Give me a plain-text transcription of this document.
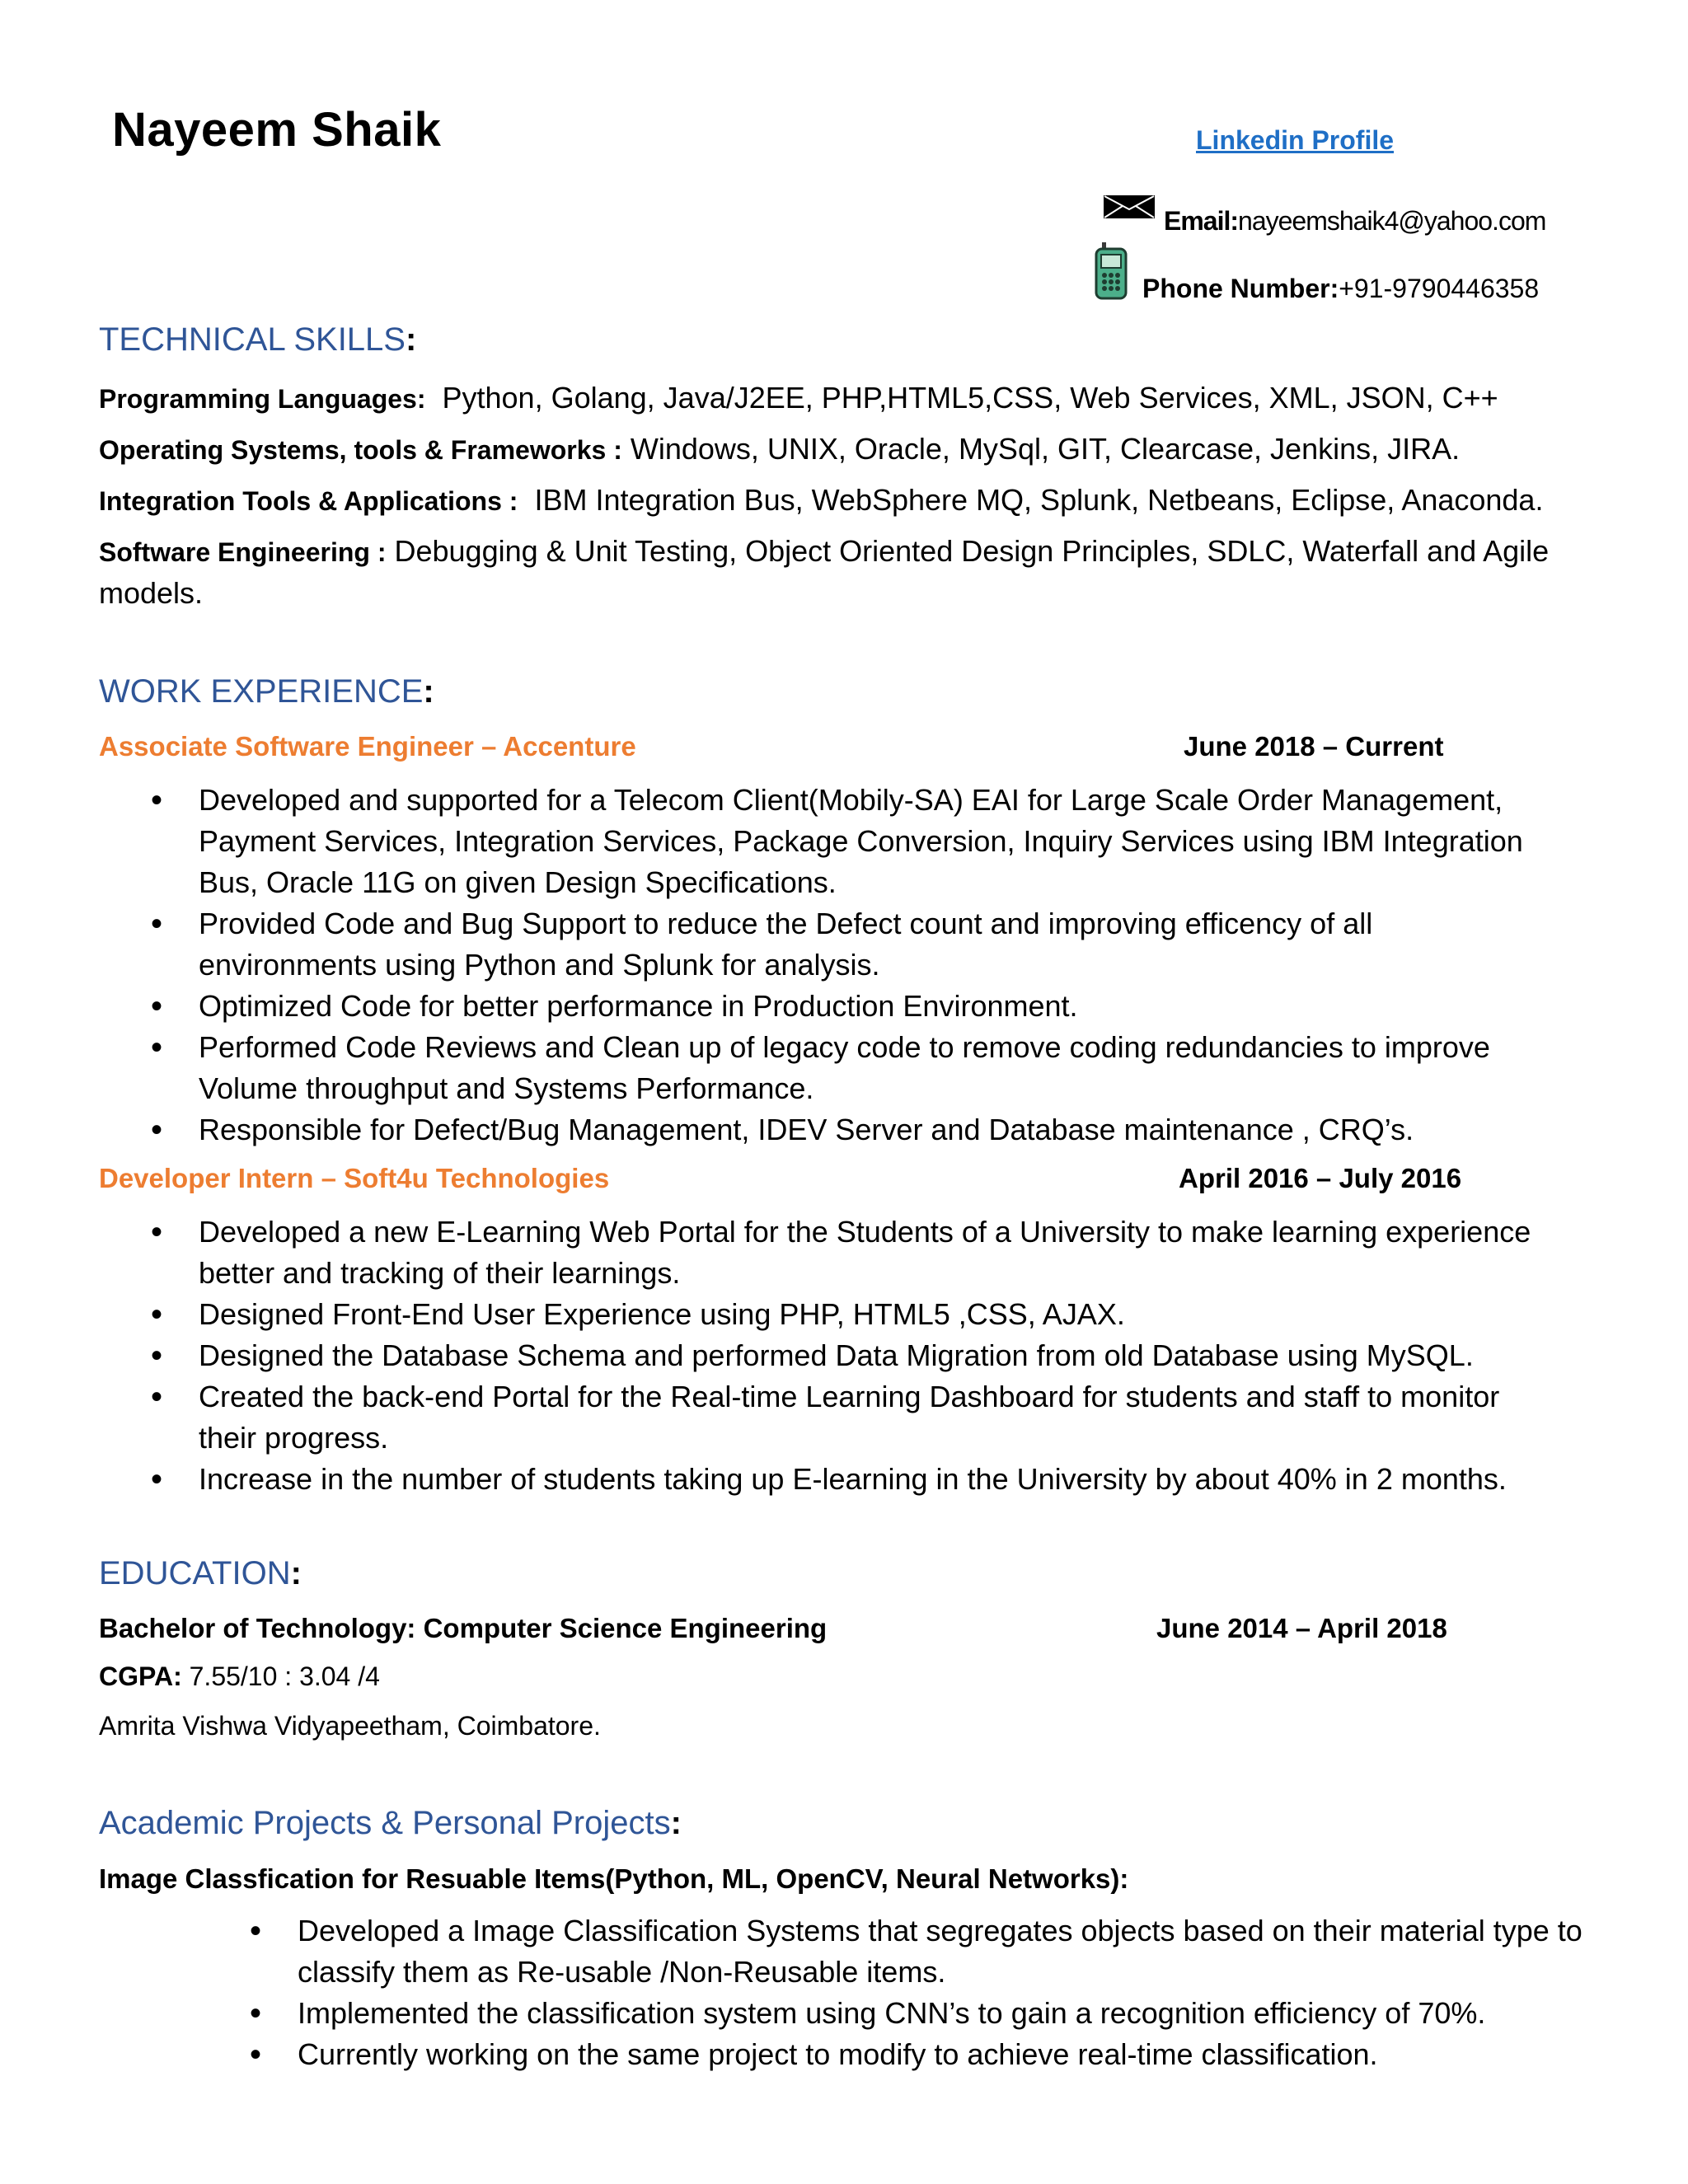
Nayeem Shaik	Linkedin Profile
Email:nayeemshaik4@yahoo.com
Phone Number:+91-9790446358
TECHNICAL SKILLS:
Programming Languages:  Python, Golang, Java/J2EE, PHP,HTML5,CSS, Web Services, XML, JSON, C++
Operating Systems, tools & Frameworks : Windows, UNIX, Oracle, MySql, GIT, Clearcase, Jenkins, JIRA.
Integration Tools & Applications :  IBM Integration Bus, WebSphere MQ, Splunk, Netbeans, Eclipse, Anaconda.
Software Engineering : Debugging & Unit Testing, Object Oriented Design Principles, SDLC, Waterfall and Agile models.
WORK EXPERIENCE:
Associate Software Engineer – Accenture	June 2018 – Current
• Developed and supported for a Telecom Client(Mobily-SA) EAI for Large Scale Order Management, Payment Services, Integration Services, Package Conversion, Inquiry Services using IBM Integration Bus, Oracle 11G on given Design Specifications.
• Provided Code and Bug Support to reduce the Defect count and improving efficency of all environments using Python and Splunk for analysis.
• Optimized Code for better performance in Production Environment.
• Performed Code Reviews and Clean up of legacy code to remove coding redundancies to improve Volume throughput and Systems Performance.
• Responsible for Defect/Bug Management, IDEV Server and Database maintenance , CRQ’s.
Developer Intern – Soft4u Technologies	April 2016 – July 2016
• Developed a new E-Learning Web Portal for the Students of a University to make learning experience better and tracking of their learnings.
• Designed Front-End User Experience using PHP, HTML5 ,CSS, AJAX.
• Designed the Database Schema and performed Data Migration from old Database using MySQL.
• Created the back-end Portal for the Real-time Learning Dashboard for students and staff to monitor their progress.
• Increase in the number of students taking up E-learning in the University by about 40% in 2 months.
EDUCATION:
Bachelor of Technology: Computer Science Engineering	June 2014 – April 2018
CGPA: 7.55/10 : 3.04 /4
Amrita Vishwa Vidyapeetham, Coimbatore.
Academic Projects & Personal Projects:
Image Classfication for Resuable Items(Python, ML, OpenCV, Neural Networks):
• Developed a Image Classification Systems that segregates objects based on their material type to classify them as Re-usable /Non-Reusable items.
• Implemented the classification system using CNN’s to gain a recognition efficiency of 70%.
• Currently working on the same project to modify to achieve real-time classification.
